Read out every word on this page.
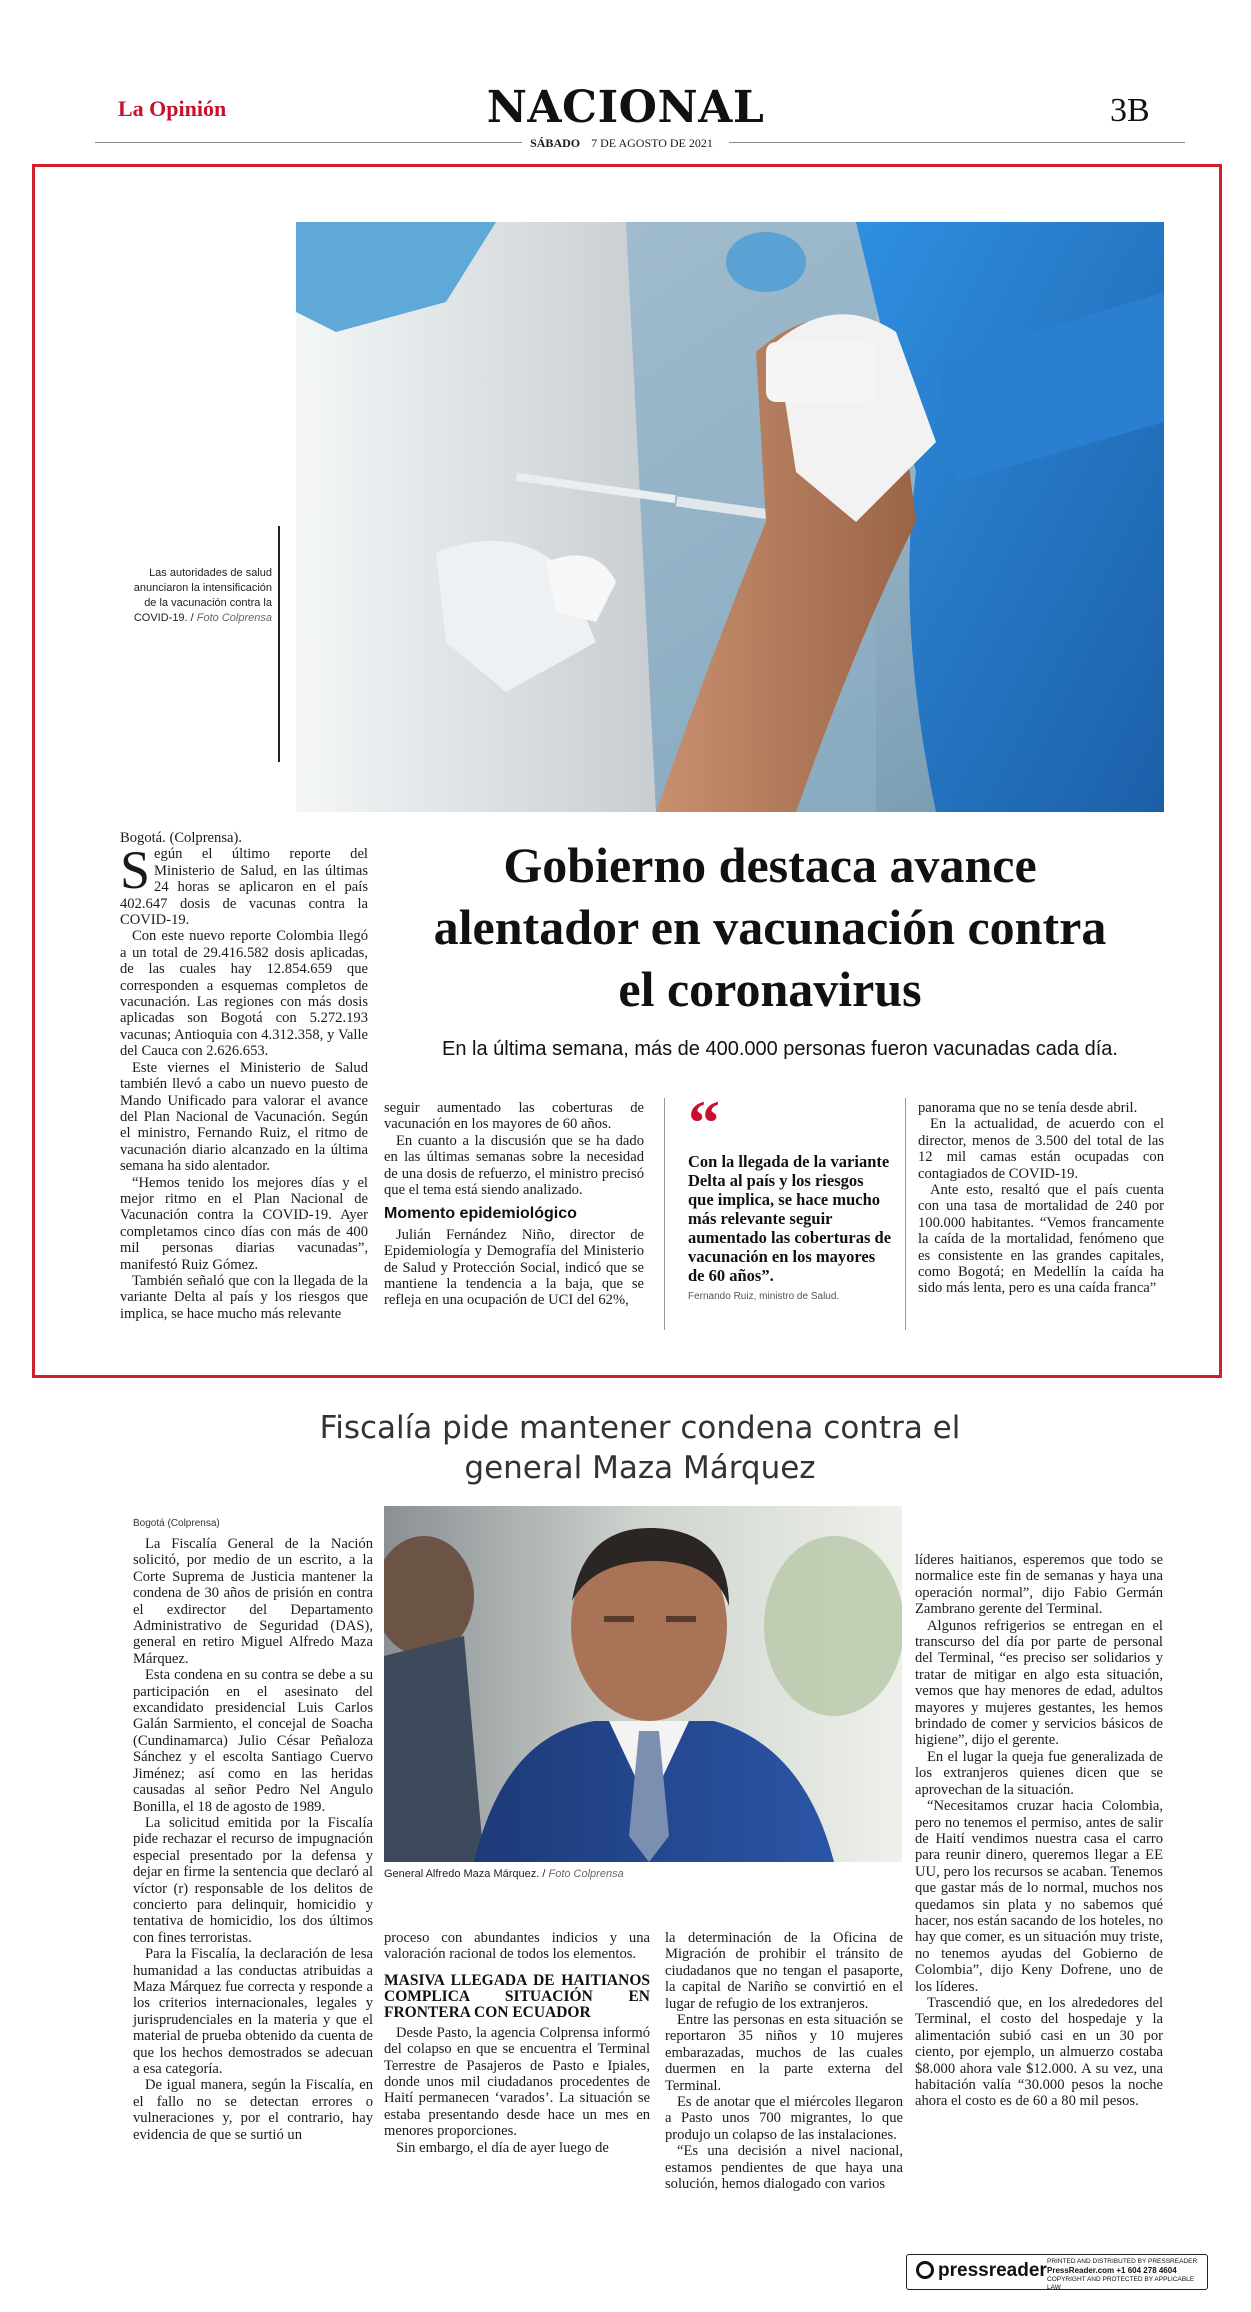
La Opinión	NACIONAL	3B
SÁBADO 7 DE AGOSTO DE 2021
Las autoridades de salud anunciaron la intensificación de la vacunación contra la COVID-19. / Foto Colprensa
Gobierno destaca avance alentador en vacunación contra el coronavirus
En la última semana, más de 400.000 personas fueron vacunadas cada día.

Bogotá. (Colprensa).

Según el último reporte del Ministerio de Salud, en las últimas 24 horas se aplicaron en el país 402.647 dosis de vacunas contra la COVID-19.

Con este nuevo reporte Colombia llegó a un total de 29.416.582 dosis aplicadas, de las cuales hay 12.854.659 que corresponden a esquemas completos de vacunación. Las regiones con más dosis aplicadas son Bogotá con 5.272.193 vacunas; Antioquia con 4.312.358, y Valle del Cauca con 2.626.653.

Este viernes el Ministerio de Salud también llevó a cabo un nuevo puesto de Mando Unificado para valorar el avance del Plan Nacional de Vacunación. Según el ministro, Fernando Ruiz, el ritmo de vacunación diario alcanzado en la última semana ha sido alentador.

“Hemos tenido los mejores días y el mejor ritmo en el Plan Nacional de Vacunación contra la COVID-19. Ayer completamos cinco días con más de 400 mil personas diarias vacunadas”, manifestó Ruiz Gómez.

También señaló que con la llegada de la variante Delta al país y los riesgos que implica, se hace mucho más relevante

seguir aumentado las coberturas de vacunación en los mayores de 60 años.

En cuanto a la discusión que se ha dado en las últimas semanas sobre la necesidad de una dosis de refuerzo, el ministro precisó que el tema está siendo analizado.

Momento epidemiológico

Julián Fernández Niño, director de Epidemiología y Demografía del Ministerio de Salud y Protección Social, indicó que se mantiene la tendencia a la baja, que se refleja en una ocupación de UCI del 62%,

“
Con la llegada de la variante Delta al país y los riesgos que implica, se hace mucho más relevante seguir aumentado las coberturas de vacunación en los mayores de 60 años”.
Fernando Ruiz, ministro de Salud.

panorama que no se tenía desde abril.

En la actualidad, de acuerdo con el director, menos de 3.500 del total de las 12 mil camas están ocupadas con contagiados de COVID-19.

Ante esto, resaltó que el país cuenta con una tasa de mortalidad de 240 por 100.000 habitantes. “Vemos francamente la caída de la mortalidad, fenómeno que es consistente en las grandes capitales, como Bogotá; en Medellín la caída ha sido más lenta, pero es una caída franca”

Fiscalía pide mantener condena contra el general Maza Márquez
Bogotá (Colprensa)

La Fiscalía General de la Nación solicitó, por medio de un escrito, a la Corte Suprema de Justicia mantener la condena de 30 años de prisión en contra el exdirector del Departamento Administrativo de Seguridad (DAS), general en retiro Miguel Alfredo Maza Márquez.

Esta condena en su contra se debe a su participación en el asesinato del excandidato presidencial Luis Carlos Galán Sarmiento, el concejal de Soacha (Cundinamarca) Julio César Peñaloza Sánchez y el escolta Santiago Cuervo Jiménez; así como en las heridas causadas al señor Pedro Nel Angulo Bonilla, el 18 de agosto de 1989.

La solicitud emitida por la Fiscalía pide rechazar el recurso de impugnación especial presentado por la defensa y dejar en firme la sentencia que declaró al víctor (r) responsable de los delitos de concierto para delinquir, homicidio y tentativa de homicidio, los dos últimos con fines terroristas.

Para la Fiscalía, la declaración de lesa humanidad a las conductas atribuidas a Maza Márquez fue correcta y responde a los criterios internacionales, legales y jurisprudenciales en la materia y que el material de prueba obtenido da cuenta de que los hechos demostrados se adecuan a esa categoría.

De igual manera, según la Fiscalía, en el fallo no se detectan errores o vulneraciones y, por el contrario, hay evidencia de que se surtió un

General Alfredo Maza Márquez. / Foto Colprensa

proceso con abundantes indicios y una valoración racional de todos los elementos.

MASIVA LLEGADA DE HAITIANOS COMPLICA SITUACIÓN EN FRONTERA CON ECUADOR

Desde Pasto, la agencia Colprensa informó del colapso en que se encuentra el Terminal Terrestre de Pasajeros de Pasto e Ipiales, donde unos mil ciudadanos procedentes de Haití permanecen ‘varados’. La situación se estaba presentando desde hace un mes en menores proporciones.

Sin embargo, el día de ayer luego de

la determinación de la Oficina de Migración de prohibir el tránsito de ciudadanos que no tengan el pasaporte, la capital de Nariño se convirtió en el lugar de refugio de los extranjeros.

Entre las personas en esta situación se reportaron 35 niños y 10 mujeres embarazadas, muchos de las cuales duermen en la parte externa del Terminal.

Es de anotar que el miércoles llegaron a Pasto unos 700 migrantes, lo que produjo un colapso de las instalaciones.

“Es una decisión a nivel nacional, estamos pendientes de que haya una solución, hemos dialogado con varios

líderes haitianos, esperemos que todo se normalice este fin de semanas y haya una operación normal”, dijo Fabio Germán Zambrano gerente del Terminal.

Algunos refrigerios se entregan en el transcurso del día por parte de personal del Terminal, “es preciso ser solidarios y tratar de mitigar en algo esta situación, vemos que hay menores de edad, adultos mayores y mujeres gestantes, les hemos brindado de comer y servicios básicos de higiene”, dijo el gerente.

En el lugar la queja fue generalizada de los extranjeros quienes dicen que se aprovechan de la situación.

“Necesitamos cruzar hacia Colombia, pero no tenemos el permiso, antes de salir de Haití vendimos nuestra casa el carro para reunir dinero, queremos llegar a EE UU, pero los recursos se acaban. Tenemos que gastar más de lo normal, muchos nos quedamos sin plata y no sabemos qué hacer, nos están sacando de los hoteles, no hay que comer, es un situación muy triste, no tenemos ayudas del Gobierno de Colombia”, dijo Keny Dofrene, uno de los líderes.

Trascendió que, en los alrededores del Terminal, el costo del hospedaje y la alimentación subió casi en un 30 por ciento, por ejemplo, un almuerzo costaba $8.000 ahora vale $12.000. A su vez, una habitación valía “30.000 pesos la noche ahora el costo es de 60 a 80 mil pesos.

pressreader PRINTED AND DISTRIBUTED BY PRESSREADER
PressReader.com +1 604 278 4604
COPYRIGHT AND PROTECTED BY APPLICABLE LAW
